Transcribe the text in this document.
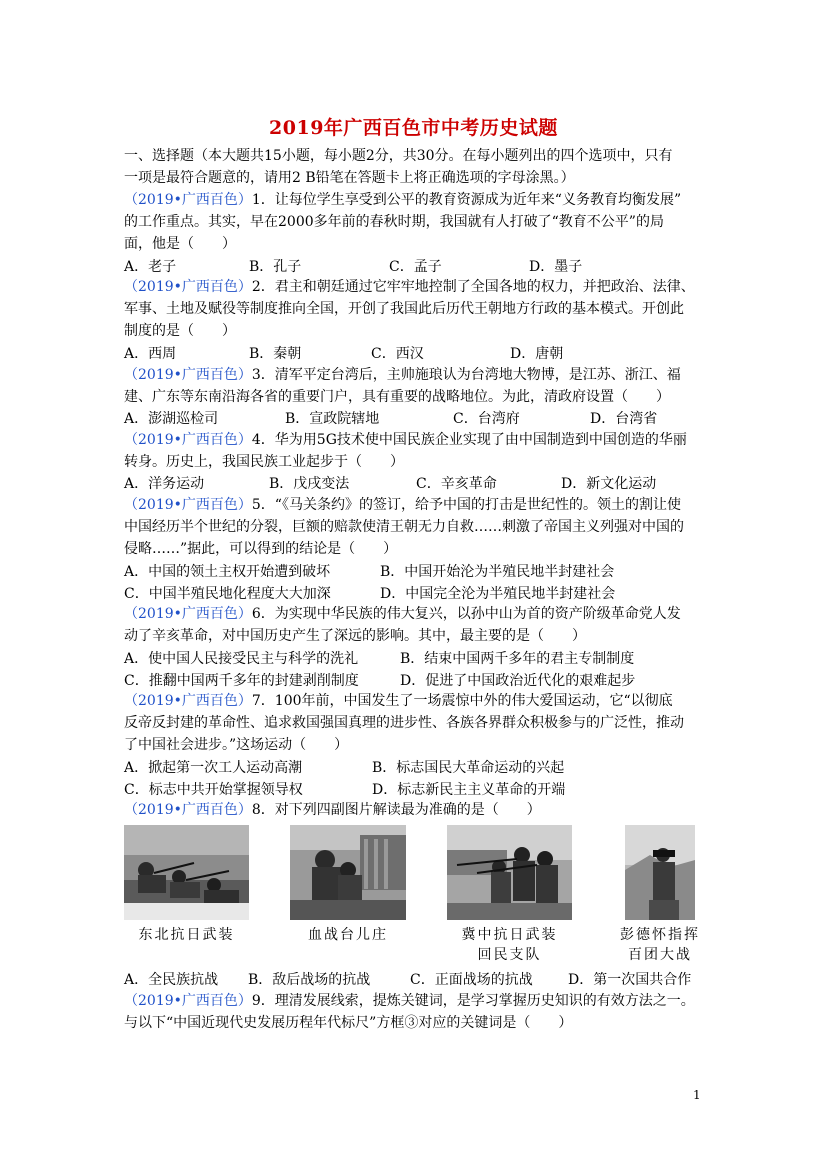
2019年广西百色市中考历史试题
一、选择题（本大题共15小题，每小题2分，共30分。在每小题列出的四个选项中，只有
一项是最符合题意的，请用2 B铅笔在答题卡上将正确选项的字母涂黑。）
（2019•广西百色）1．让每位学生享受到公平的教育资源成为近年来“义务教育均衡发展”
的工作重点。其实，早在2000多年前的春秋时期，我国就有人打破了“教育不公平”的局
面，他是（　　）
A．老子	B．孔子	C．孟子	D．墨子
（2019•广西百色）2．君主和朝廷通过它牢牢地控制了全国各地的权力，并把政治、法律、
军事、土地及赋役等制度推向全国，开创了我国此后历代王朝地方行政的基本模式。开创此
制度的是（　　）
A．西周	B．秦朝	C．西汉	D．唐朝
（2019•广西百色）3．清军平定台湾后，主帅施琅认为台湾地大物博，是江苏、浙江、福
建、广东等东南沿海各省的重要门户，具有重要的战略地位。为此，清政府设置（　　）
A．澎湖巡检司	B．宣政院辖地	C．台湾府	D．台湾省
（2019•广西百色）4．华为用5G技术使中国民族企业实现了由中国制造到中国创造的华丽
转身。历史上，我国民族工业起步于（　　）
A．洋务运动	B．戊戌变法	C．辛亥革命	D．新文化运动
（2019•广西百色）5．“《马关条约》的签订，给予中国的打击是世纪性的。领土的割让使
中国经历半个世纪的分裂，巨额的赔款使清王朝无力自救……刺激了帝国主义列强对中国的
侵略……”据此，可以得到的结论是（　　）
A．中国的领土主权开始遭到破坏	B．中国开始沦为半殖民地半封建社会
C．中国半殖民地化程度大大加深	D．中国完全沦为半殖民地半封建社会
（2019•广西百色）6．为实现中华民族的伟大复兴，以孙中山为首的资产阶级革命党人发
动了辛亥革命，对中国历史产生了深远的影响。其中，最主要的是（　　）
A．使中国人民接受民主与科学的洗礼	B．结束中国两千多年的君主专制制度
C．推翻中国两千多年的封建剥削制度	D．促进了中国政治近代化的艰难起步
（2019•广西百色）7．100年前，中国发生了一场震惊中外的伟大爱国运动，它“以彻底
反帝反封建的革命性、追求救国强国真理的进步性、各族各界群众积极参与的广泛性，推动
了中国社会进步。”这场运动（　　）
A．掀起第一次工人运动高潮	B．标志国民大革命运动的兴起
C．标志中共开始掌握领导权	D．标志新民主主义革命的开端
（2019•广西百色）8．对下列四副图片解读最为准确的是（　　）
东北抗日武装	血战台儿庄	冀中抗日武装
回民支队
彭德怀指挥
百团大战
A．全民族抗战 B．敌后战场的抗战	C．正面战场的抗战	D．第一次国共合作
（2019•广西百色）9．理清发展线索，提炼关键词，是学习掌握历史知识的有效方法之一。
与以下“中国近现代史发展历程年代标尺”方框③对应的关键词是（　　）
1
